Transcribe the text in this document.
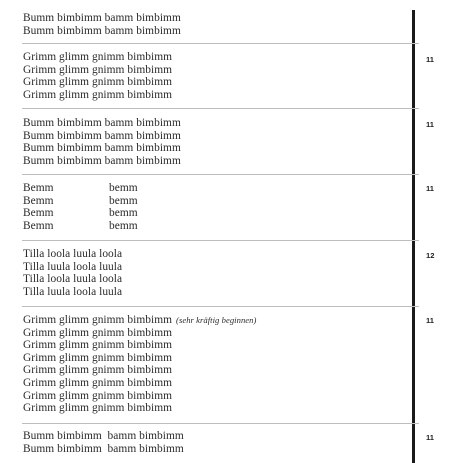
Bumm bimbimm bamm bimbimm
Bumm bimbimm bamm bimbimm
Grimm glimm gnimm bimbimm
Grimm glimm gnimm bimbimm
Grimm glimm gnimm bimbimm
Grimm glimm gnimm bimbimm
11
Bumm bimbimm bamm bimbimm
Bumm bimbimm bamm bimbimm
Bumm bimbimm bamm bimbimm
Bumm bimbimm bamm bimbimm
11
Bemm	bemm
Bemm	bemm
Bemm	bemm
Bemm	bemm
11
Tilla loola luula loola
Tilla luula loola luula
Tilla loola luula loola
Tilla luula loola luula
12
Grimm glimm gnimm bimbimm (sehr kräftig beginnen)
Grimm glimm gnimm bimbimm
Grimm glimm gnimm bimbimm
Grimm glimm gnimm bimbimm
Grimm glimm gnimm bimbimm
Grimm glimm gnimm bimbimm
Grimm glimm gnimm bimbimm
Grimm glimm gnimm bimbimm
11
Bumm bimbimm  bamm bimbimm
Bumm bimbimm  bamm bimbimm
11
